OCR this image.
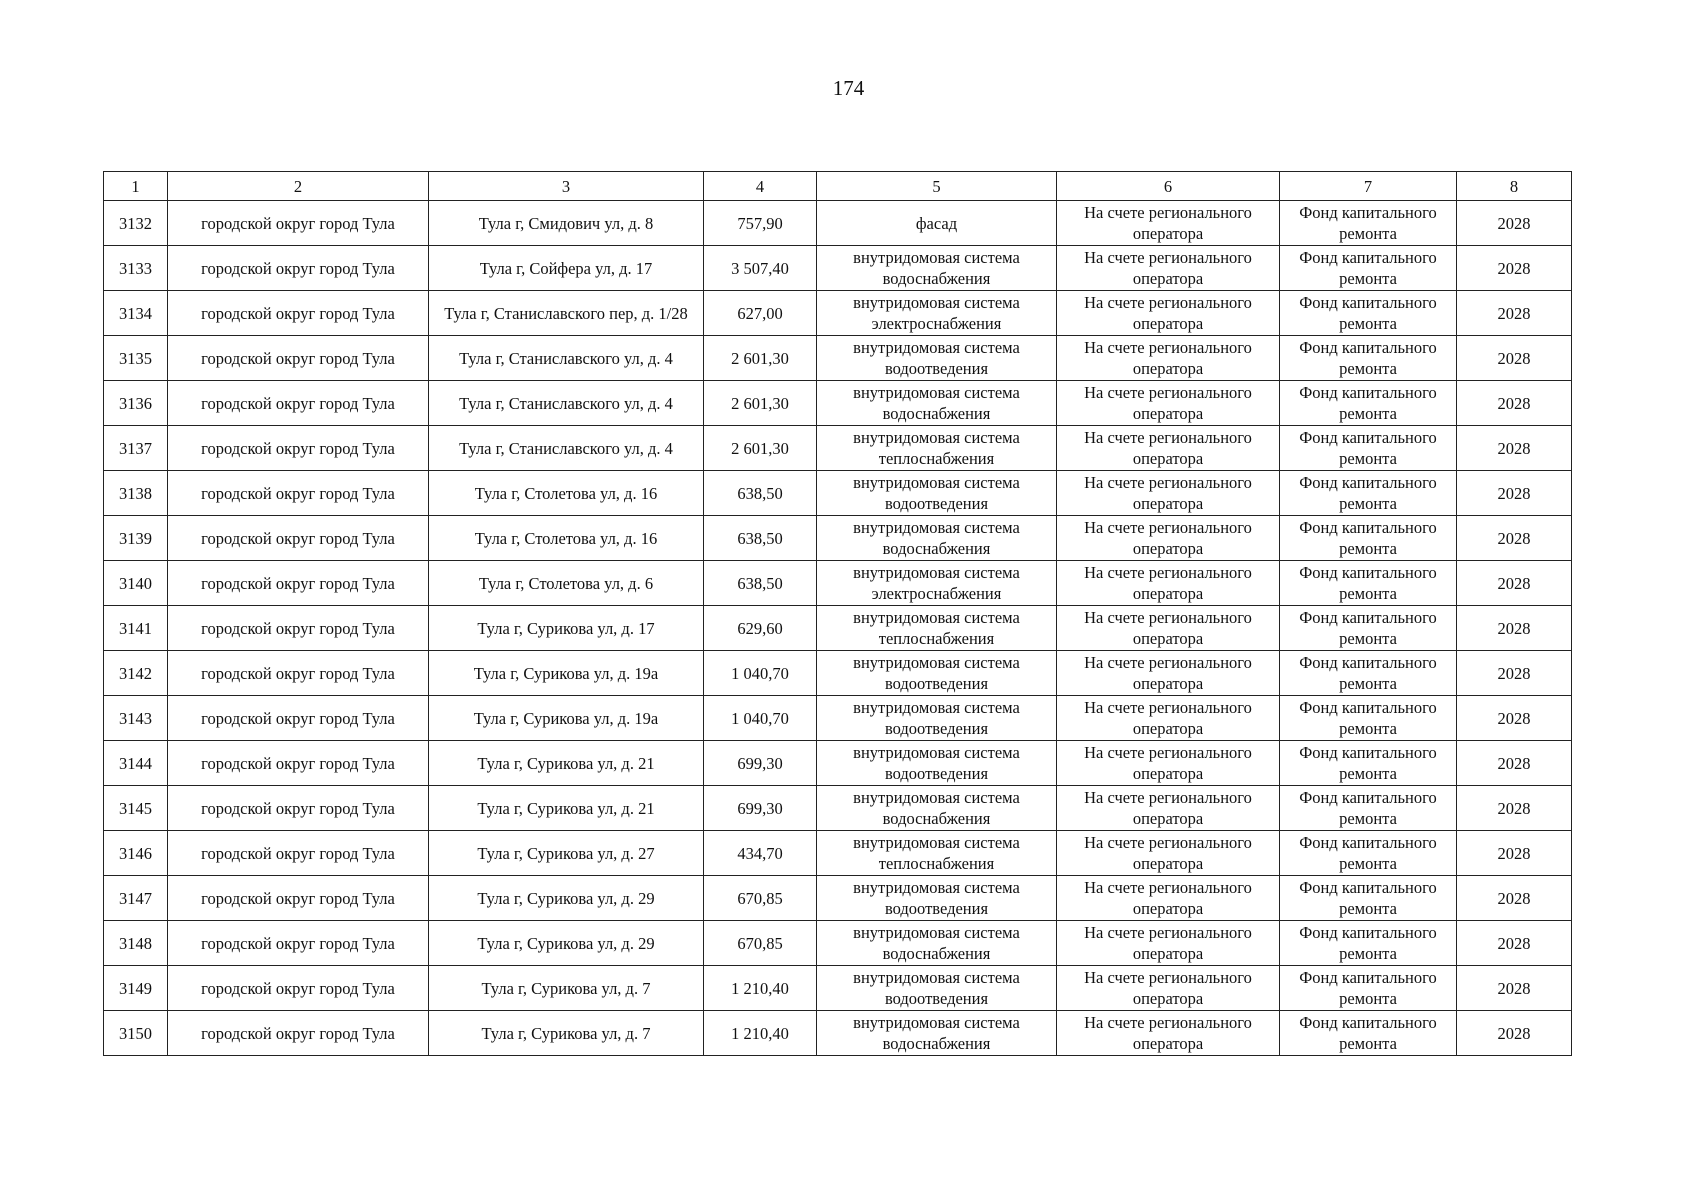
174
1	2	3	4	5	6	7	8
3132	городской округ город Тула	Тула г, Смидович ул, д. 8	757,90	фасад	На счете регионального оператора	Фонд капитального ремонта	2028
3133	городской округ город Тула	Тула г, Сойфера ул, д. 17	3 507,40	внутридомовая система водоснабжения	На счете регионального оператора	Фонд капитального ремонта	2028
3134	городской округ город Тула	Тула г, Станиславского пер, д. 1/28	627,00	внутридомовая система электроснабжения	На счете регионального оператора	Фонд капитального ремонта	2028
3135	городской округ город Тула	Тула г, Станиславского ул, д. 4	2 601,30	внутридомовая система водоотведения	На счете регионального оператора	Фонд капитального ремонта	2028
3136	городской округ город Тула	Тула г, Станиславского ул, д. 4	2 601,30	внутридомовая система водоснабжения	На счете регионального оператора	Фонд капитального ремонта	2028
3137	городской округ город Тула	Тула г, Станиславского ул, д. 4	2 601,30	внутридомовая система теплоснабжения	На счете регионального оператора	Фонд капитального ремонта	2028
3138	городской округ город Тула	Тула г, Столетова ул, д. 16	638,50	внутридомовая система водоотведения	На счете регионального оператора	Фонд капитального ремонта	2028
3139	городской округ город Тула	Тула г, Столетова ул, д. 16	638,50	внутридомовая система водоснабжения	На счете регионального оператора	Фонд капитального ремонта	2028
3140	городской округ город Тула	Тула г, Столетова ул, д. 6	638,50	внутридомовая система электроснабжения	На счете регионального оператора	Фонд капитального ремонта	2028
3141	городской округ город Тула	Тула г, Сурикова ул, д. 17	629,60	внутридомовая система теплоснабжения	На счете регионального оператора	Фонд капитального ремонта	2028
3142	городской округ город Тула	Тула г, Сурикова ул, д. 19а	1 040,70	внутридомовая система водоотведения	На счете регионального оператора	Фонд капитального ремонта	2028
3143	городской округ город Тула	Тула г, Сурикова ул, д. 19а	1 040,70	внутридомовая система водоотведения	На счете регионального оператора	Фонд капитального ремонта	2028
3144	городской округ город Тула	Тула г, Сурикова ул, д. 21	699,30	внутридомовая система водоотведения	На счете регионального оператора	Фонд капитального ремонта	2028
3145	городской округ город Тула	Тула г, Сурикова ул, д. 21	699,30	внутридомовая система водоснабжения	На счете регионального оператора	Фонд капитального ремонта	2028
3146	городской округ город Тула	Тула г, Сурикова ул, д. 27	434,70	внутридомовая система теплоснабжения	На счете регионального оператора	Фонд капитального ремонта	2028
3147	городской округ город Тула	Тула г, Сурикова ул, д. 29	670,85	внутридомовая система водоотведения	На счете регионального оператора	Фонд капитального ремонта	2028
3148	городской округ город Тула	Тула г, Сурикова ул, д. 29	670,85	внутридомовая система водоснабжения	На счете регионального оператора	Фонд капитального ремонта	2028
3149	городской округ город Тула	Тула г, Сурикова ул, д. 7	1 210,40	внутридомовая система водоотведения	На счете регионального оператора	Фонд капитального ремонта	2028
3150	городской округ город Тула	Тула г, Сурикова ул, д. 7	1 210,40	внутридомовая система водоснабжения	На счете регионального оператора	Фонд капитального ремонта	2028
